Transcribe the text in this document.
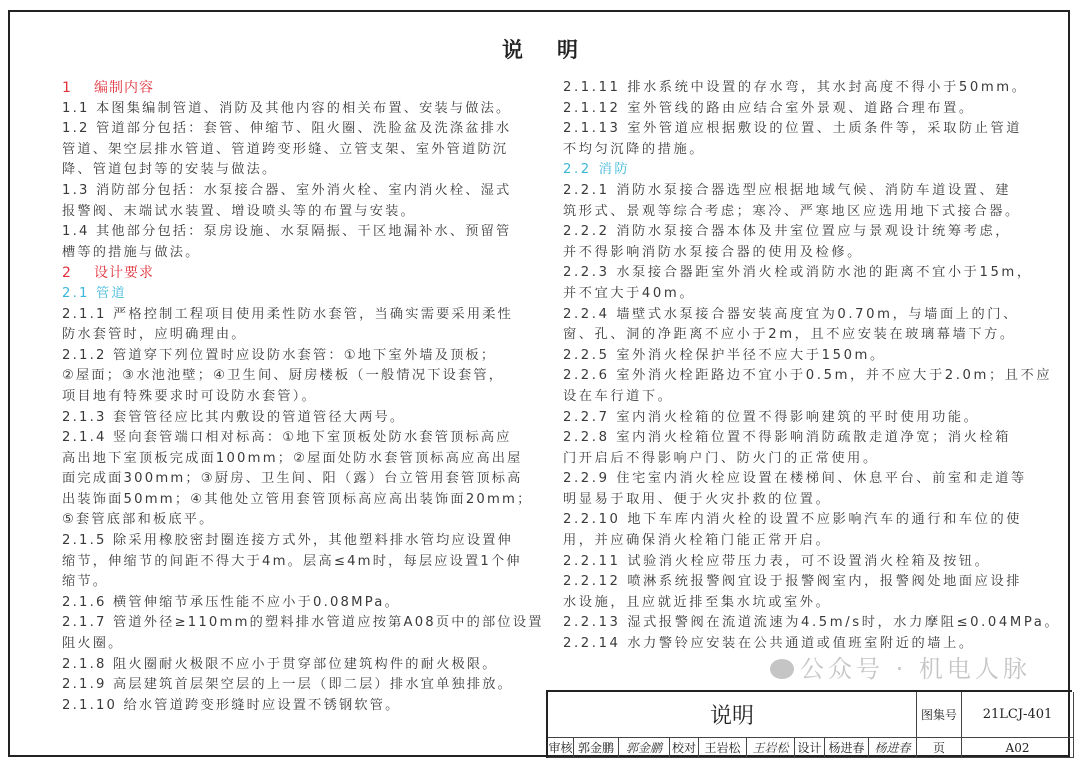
说明
1 编制内容
1.1 本图集编制管道、消防及其他内容的相关布置、安装与做法。
1.2 管道部分包括：套管、伸缩节、阻火圈、洗脸盆及洗涤盆排水
管道、架空层排水管道、管道跨变形缝、立管支架、室外管道防沉
降、管道包封等的安装与做法。
1.3 消防部分包括：水泵接合器、室外消火栓、室内消火栓、湿式
报警阀、末端试水装置、增设喷头等的布置与安装。
1.4 其他部分包括：泵房设施、水泵隔振、干区地漏补水、预留管
槽等的措施与做法。
2 设计要求
2.1 管道
2.1.1 严格控制工程项目使用柔性防水套管，当确实需要采用柔性
防水套管时，应明确理由。
2.1.2 管道穿下列位置时应设防水套管：①地下室外墙及顶板；
②屋面；③水池池壁；④卫生间、厨房楼板（一般情况下设套管，
项目地有特殊要求时可设防水套管）。
2.1.3 套管管径应比其内敷设的管道管径大两号。
2.1.4 竖向套管端口相对标高：①地下室顶板处防水套管顶标高应
高出地下室顶板完成面100mm；②屋面处防水套管顶标高应高出屋
面完成面300mm；③厨房、卫生间、阳（露）台立管用套管顶标高
出装饰面50mm；④其他处立管用套管顶标高应高出装饰面20mm；
⑤套管底部和板底平。
2.1.5 除采用橡胶密封圈连接方式外，其他塑料排水管均应设置伸
缩节，伸缩节的间距不得大于4m。层高≤4m时，每层应设置1个伸
缩节。
2.1.6 横管伸缩节承压性能不应小于0.08MPa。
2.1.7 管道外径≥110mm的塑料排水管道应按第A08页中的部位设置
阻火圈。
2.1.8 阻火圈耐火极限不应小于贯穿部位建筑构件的耐火极限。
2.1.9 高层建筑首层架空层的上一层（即二层）排水宜单独排放。
2.1.10 给水管道跨变形缝时应设置不锈钢软管。
2.1.11 排水系统中设置的存水弯，其水封高度不得小于50mm。
2.1.12 室外管线的路由应结合室外景观、道路合理布置。
2.1.13 室外管道应根据敷设的位置、土质条件等，采取防止管道
不均匀沉降的措施。
2.2 消防
2.2.1 消防水泵接合器选型应根据地域气候、消防车道设置、建
筑形式、景观等综合考虑；寒冷、严寒地区应选用地下式接合器。
2.2.2 消防水泵接合器本体及井室位置应与景观设计统筹考虑，
并不得影响消防水泵接合器的使用及检修。
2.2.3 水泵接合器距室外消火栓或消防水池的距离不宜小于15m，
并不宜大于40m。
2.2.4 墙壁式水泵接合器安装高度宜为0.70m，与墙面上的门、
窗、孔、洞的净距离不应小于2m，且不应安装在玻璃幕墙下方。
2.2.5 室外消火栓保护半径不应大于150m。
2.2.6 室外消火栓距路边不宜小于0.5m，并不应大于2.0m；且不应
设在车行道下。
2.2.7 室内消火栓箱的位置不得影响建筑的平时使用功能。
2.2.8 室内消火栓箱位置不得影响消防疏散走道净宽；消火栓箱
门开启后不得影响户门、防火门的正常使用。
2.2.9 住宅室内消火栓应设置在楼梯间、休息平台、前室和走道等
明显易于取用、便于火灾扑救的位置。
2.2.10 地下车库内消火栓的设置不应影响汽车的通行和车位的使
用，并应确保消火栓箱门能正常开启。
2.2.11 试验消火栓应带压力表，可不设置消火栓箱及按钮。
2.2.12 喷淋系统报警阀宜设于报警阀室内，报警阀处地面应设排
水设施，且应就近排至集水坑或室外。
2.2.13 湿式报警阀在流道流速为4.5m/s时，水力摩阻≤0.04MPa。
2.2.14 水力警铃应安装在公共通道或值班室附近的墙上。
说明	图集号	21LCJ-401
审核 郭金鹏 郭金鹏 校对 王岩松 王岩松 设计 杨进春 杨进春	页	A02
公众号 · 机电人脉
